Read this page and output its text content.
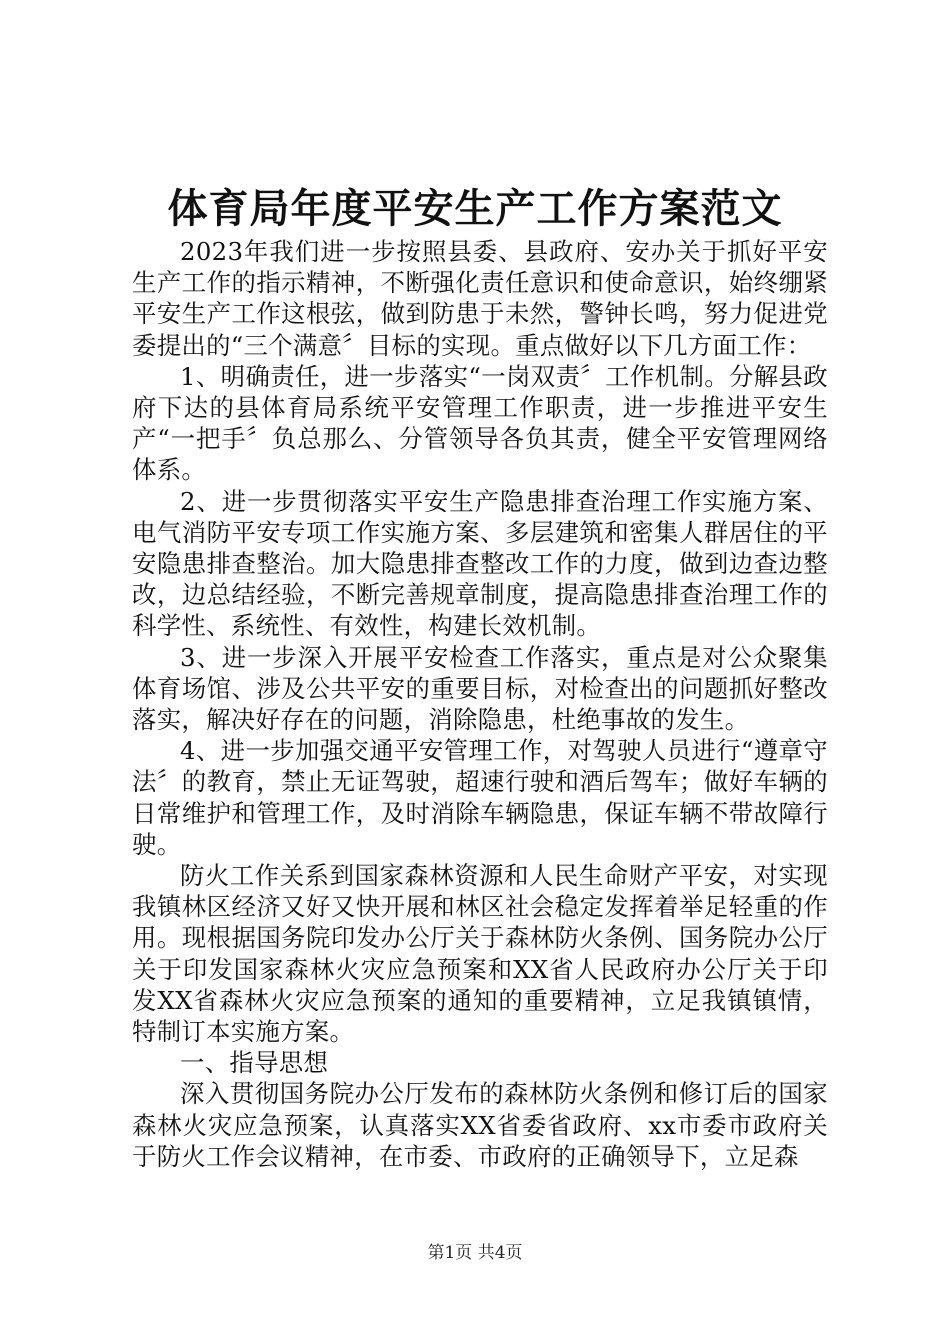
体育局年度平安生产工作方案范文

2023年我们进一步按照县委、县政府、安办关于抓好平安生产工作的指示精神，不断强化责任意识和使命意识，始终绷紧平安生产工作这根弦，做到防患于未然，警钟长鸣，努力促进党委提出的“三个满意〞目标的实现。重点做好以下几方面工作：

1、明确责任，进一步落实“一岗双责〞工作机制。分解县政府下达的县体育局系统平安管理工作职责，进一步推进平安生产“一把手〞负总那么、分管领导各负其责，健全平安管理网络体系。

2、进一步贯彻落实平安生产隐患排查治理工作实施方案、电气消防平安专项工作实施方案、多层建筑和密集人群居住的平安隐患排查整治。加大隐患排查整改工作的力度，做到边查边整改，边总结经验，不断完善规章制度，提高隐患排查治理工作的科学性、系统性、有效性，构建长效机制。

3、进一步深入开展平安检查工作落实，重点是对公众聚集体育场馆、涉及公共平安的重要目标，对检查出的问题抓好整改落实，解决好存在的问题，消除隐患，杜绝事故的发生。

4、进一步加强交通平安管理工作，对驾驶人员进行“遵章守法〞的教育，禁止无证驾驶，超速行驶和酒后驾车；做好车辆的日常维护和管理工作，及时消除车辆隐患，保证车辆不带故障行驶。

防火工作关系到国家森林资源和人民生命财产平安，对实现我镇林区经济又好又快开展和林区社会稳定发挥着举足轻重的作用。现根据国务院印发办公厅关于森林防火条例、国务院办公厅关于印发国家森林火灾应急预案和XX省人民政府办公厅关于印发XX省森林火灾应急预案的通知的重要精神，立足我镇镇情，特制订本实施方案。

一、指导思想

深入贯彻国务院办公厅发布的森林防火条例和修订后的国家森林火灾应急预案，认真落实XX省委省政府、xx市委市政府关于防火工作会议精神，在市委、市政府的正确领导下，立足森

第1页 共4页
